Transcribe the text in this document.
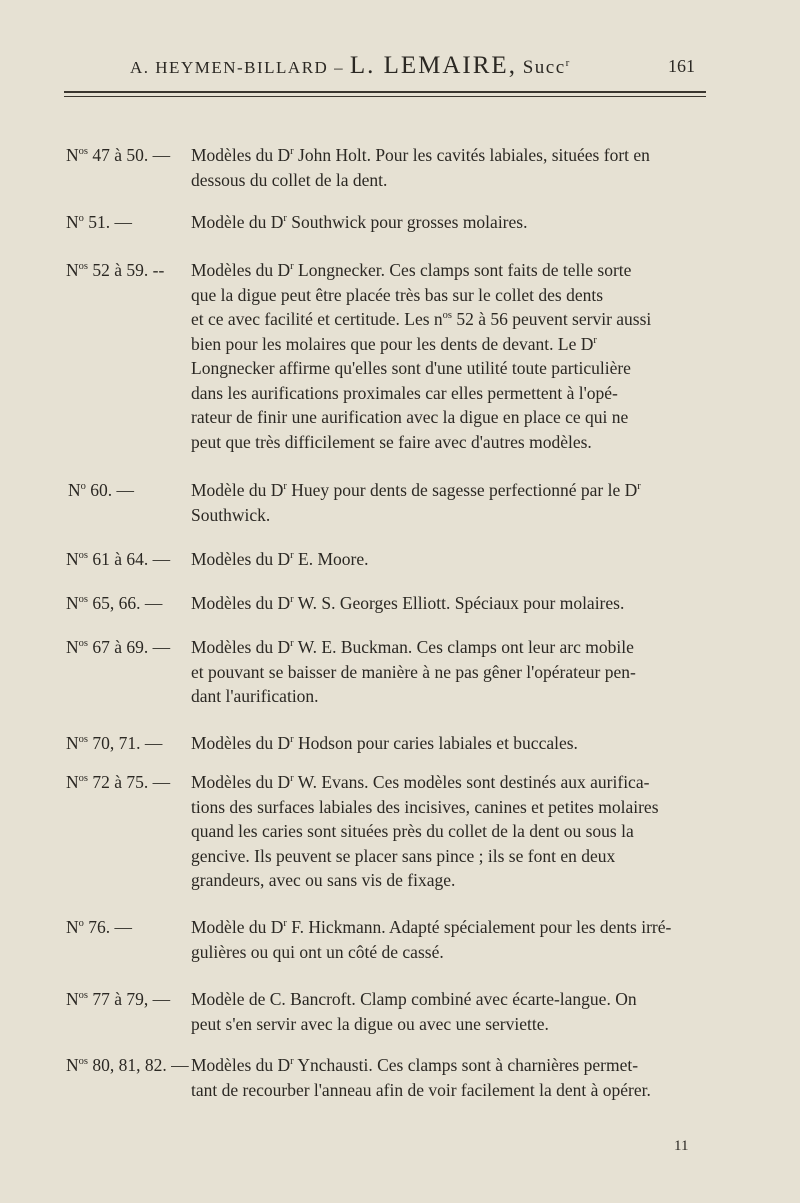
A. HEYMEN-BILLARD – L. LEMAIRE, Succ$^r$	161
$N^{os}$ 47 à 50. — Modèles du $D^r$ John Holt. Pour les cavités labiales, situées fort en
dessous du collet de la dent.
$N^o$ 51. —	Modèle du $D^r$ Southwick pour grosses molaires.
$N^{os}$ 52 à 59. -- Modèles du $D^r$ Longnecker. Ces clamps sont faits de telle sorte
que la digue peut être placée très bas sur le collet des dents
et ce avec facilité et certitude. Les $n^{os}$ 52 à 56 peuvent servir aussi
bien pour les molaires que pour les dents de devant. Le $D^r$
Longnecker affirme qu'elles sont d'une utilité toute particulière
dans les aurifications proximales car elles permettent à l'opé-
rateur de finir une aurification avec la digue en place ce qui ne
peut que très difficilement se faire avec d'autres modèles.
$N^o$ 60. —	Modèle du $D^r$ Huey pour dents de sagesse perfectionné par le $D^r$
Southwick.
$N^{os}$ 61 à 64. — Modèles du $D^r$ E. Moore.
$N^{os}$ 65, 66. — Modèles du $D^r$ W. S. Georges Elliott. Spéciaux pour molaires.
$N^{os}$ 67 à 69. — Modèles du $D^r$ W. E. Buckman. Ces clamps ont leur arc mobile
et pouvant se baisser de manière à ne pas gêner l'opérateur pen-
dant l'aurification.
$N^{os}$ 70, 71. — Modèles du $D^r$ Hodson pour caries labiales et buccales.
$N^{os}$ 72 à 75. — Modèles du $D^r$ W. Evans. Ces modèles sont destinés aux aurifica-
tions des surfaces labiales des incisives, canines et petites molaires
quand les caries sont situées près du collet de la dent ou sous la
gencive. Ils peuvent se placer sans pince ; ils se font en deux
grandeurs, avec ou sans vis de fixage.
$N^o$ 76. —	Modèle du $D^r$ F. Hickmann. Adapté spécialement pour les dents irré-
gulières ou qui ont un côté de cassé.
$N^{os}$ 77 à 79, — Modèle de C. Bancroft. Clamp combiné avec écarte-langue. On
peut s'en servir avec la digue ou avec une serviette.
$N^{os}$ 80, 81, 82. — Modèles du $D^r$ Ynchausti. Ces clamps sont à charnières permet-
tant de recourber l'anneau afin de voir facilement la dent à opérer.
11
